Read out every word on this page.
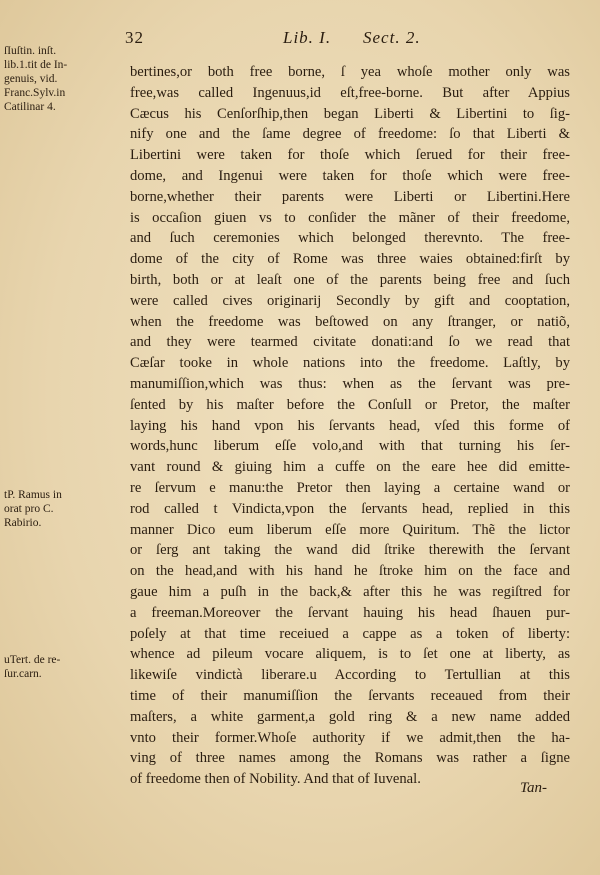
32	Lib. I. Sect. 2.
ſIuſtin. inſt.
lib.1.tit de In-
genuis, vid.
Franc.Sylv.in
Catilinar 4.
tP. Ramus in
orat pro C.
Rabirio.
uTert. de re-
ſur.carn.
bertines,or both free borne, ſ yea whoſe mother only was
free,was called Ingenuus,id eſt,free-borne. But after Appius
Cæcus his Cenſorſhip,then began Liberti & Libertini to ſig-
nify one and the ſame degree of freedome: ſo that Liberti &
Libertini were taken for thoſe which ſerued for their free-
dome, and Ingenui were taken for thoſe which were free-
borne,whether their parents were Liberti or Libertini.Here
is occaſion giuen vs to conſider the mãner of their freedome,
and ſuch ceremonies which belonged therevnto. The free-
dome of the city of Rome was three waies obtained:firſt by
birth, both or at leaſt one of the parents being free and ſuch
were called cives originarij Secondly by gift and cooptation,
when the freedome was beſtowed on any ſtranger, or natiõ,
and they were tearmed civitate donati:and ſo we read that
Cæſar tooke in whole nations into the freedome. Laſtly, by
manumiſſion,which was thus: when as the ſervant was pre-
ſented by his maſter before the Conſull or Pretor, the maſter
laying his hand vpon his ſervants head, vſed this forme of
words,hunc liberum eſſe volo,and with that turning his ſer-
vant round & giuing him a cuffe on the eare hee did emitte-
re ſervum e manu:the Pretor then laying a certaine wand or
rod called t Vindicta,vpon the ſervants head, replied in this
manner Dico eum liberum eſſe more Quiritum. Thẽ the lictor
or ſerg ant taking the wand did ſtrike therewith the ſervant
on the head,and with his hand he ſtroke him on the face and
gaue him a puſh in the back,& after this he was regiſtred for
a freeman.Moreover the ſervant hauing his head ſhauen pur-
poſely at that time receiued a cappe as a token of liberty:
whence ad pileum vocare aliquem, is to ſet one at liberty, as
likewiſe vindictà liberare.u According to Tertullian at this
time of their manumiſſion the ſervants receaued from their
maſters, a white garment,a gold ring & a new name added
vnto their former.Whoſe authority if we admit,then the ha-
ving of three names among the Romans was rather a ſigne
of freedome then of Nobility. And that of Iuvenal.
Tan-
